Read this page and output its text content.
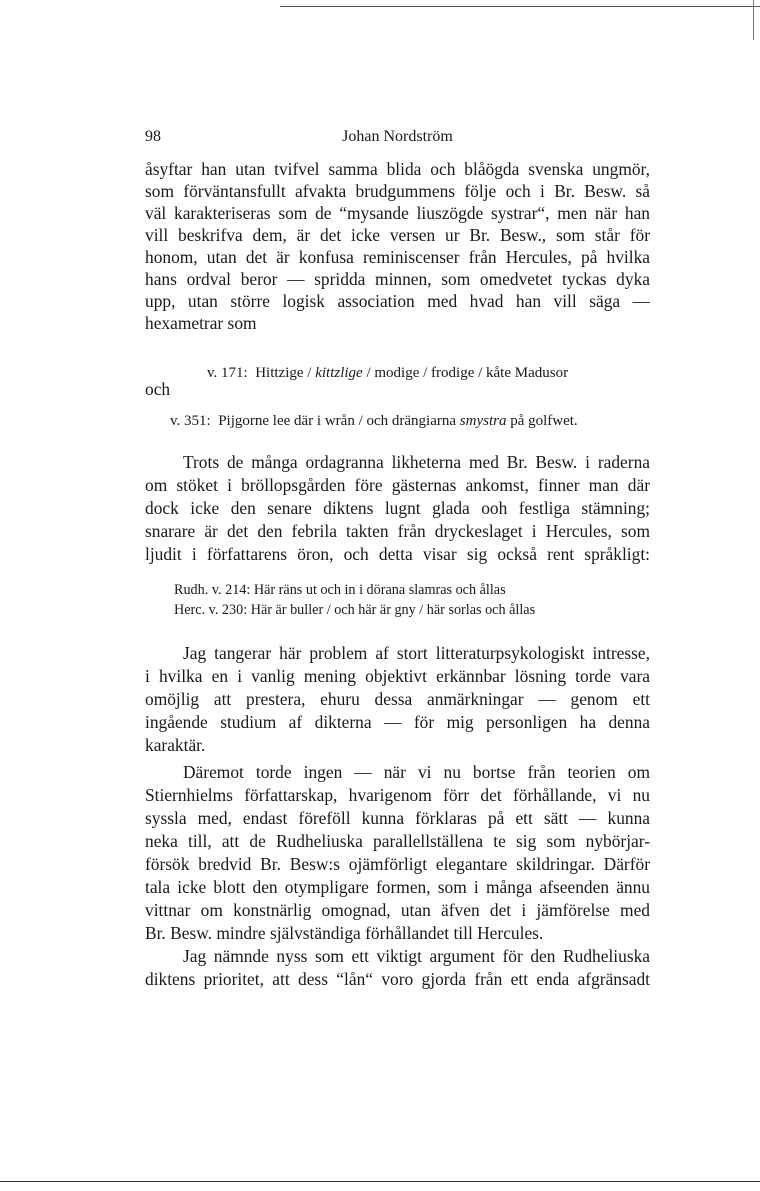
98	Johan Nordström
åsyftar han utan tvifvel samma blida och blåögda svenska ungmör,
som förväntansfullt afvakta brudgummens följe och i Br. Besw. så
väl karakteriseras som de “mysande liuszögde systrar“, men när han
vill beskrifva dem, är det icke versen ur Br. Besw., som står för
honom, utan det är konfusa reminiscenser från Hercules, på hvilka
hans ordval beror — spridda minnen, som omedvetet tyckas dyka
upp, utan större logisk association med hvad han vill säga —
hexametrar som
v. 171: Hittzige / kittzlige / modige / frodige / kåte Madusor
och
v. 351: Pijgorne lee där i wrån / och drängiarna smystra på golfwet.
Trots de många ordagranna likheterna med Br. Besw. i raderna
om stöket i bröllopsgården före gästernas ankomst, finner man där
dock icke den senare diktens lugnt glada ooh festliga stämning;
snarare är det den febrila takten från dryckeslaget i Hercules, som
ljudit i författarens öron, och detta visar sig också rent språkligt:
Rudh. v. 214: Här räns ut och in i dörana slamras och ållas
Herc. v. 230: Här är buller / och här är gny / här sorlas och ållas
Jag tangerar här problem af stort litteraturpsykologiskt intresse,
i hvilka en i vanlig mening objektivt erkännbar lösning torde vara
omöjlig att prestera, ehuru dessa anmärkningar — genom ett
ingående studium af dikterna — för mig personligen ha denna
karaktär.
Däremot torde ingen — när vi nu bortse från teorien om
Stiernhielms författarskap, hvarigenom förr det förhållande, vi nu
syssla med, endast föreföll kunna förklaras på ett sätt — kunna
neka till, att de Rudheliuska parallellställena te sig som nybörjar-
försök bredvid Br. Besw:s ojämförligt elegantare skildringar. Därför
tala icke blott den otympligare formen, som i många afseenden ännu
vittnar om konstnärlig omognad, utan äfven det i jämförelse med
Br. Besw. mindre självständiga förhållandet till Hercules.
Jag nämnde nyss som ett viktigt argument för den Rudheliuska
diktens prioritet, att dess “lån“ voro gjorda från ett enda afgränsadt
